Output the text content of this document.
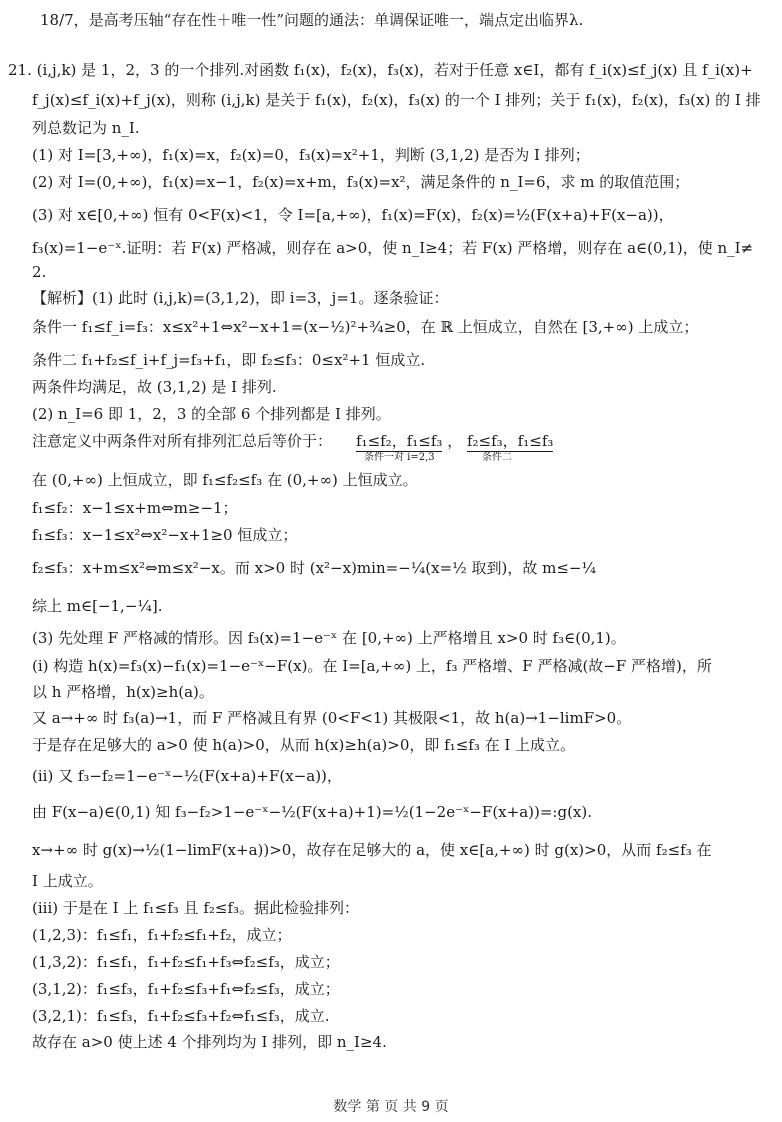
18/7，是高考压轴“存在性＋唯一性”问题的通法：单调保证唯一，端点定出临界λ.
21. (i,j,k) 是 1，2，3 的一个排列.对函数 f₁(x)，f₂(x)，f₃(x)，若对于任意 x∈I，都有 f_i(x)≤f_j(x) 且 f_i(x)+
f_j(x)≤f_i(x)+f_j(x)，则称 (i,j,k) 是关于 f₁(x)，f₂(x)，f₃(x) 的一个 I 排列；关于 f₁(x)，f₂(x)，f₃(x) 的 I 排
列总数记为 n_I.
(1) 对 I=[3,+∞)，f₁(x)=x，f₂(x)=0，f₃(x)=x²+1，判断 (3,1,2) 是否为 I 排列；
(2) 对 I=(0,+∞)，f₁(x)=x−1，f₂(x)=x+m，f₃(x)=x²，满足条件的 n_I=6，求 m 的取值范围；
(3) 对 x∈[0,+∞) 恒有 0<F(x)<1，令 I=[a,+∞)，f₁(x)=F(x)，f₂(x)=½(F(x+a)+F(x−a))，
f₃(x)=1−e⁻ˣ.证明：若 F(x) 严格减，则存在 a>0，使 n_I≥4；若 F(x) 严格增，则存在 a∈(0,1)，使 n_I≠
2.
【解析】(1) 此时 (i,j,k)=(3,1,2)，即 i=3，j=1。逐条验证：
条件一 f₁≤f_i=f₃：x≤x²+1⇔x²−x+1=(x−½)²+¾≥0，在 ℝ 上恒成立，自然在 [3,+∞) 上成立；
条件二 f₁+f₂≤f_i+f_j=f₃+f₁，即 f₂≤f₃：0≤x²+1 恒成立.
两条件均满足，故 (3,1,2) 是 I 排列.
(2) n_I=6 即 1，2，3 的全部 6 个排列都是 I 排列。
注意定义中两条件对所有排列汇总后等价于：
在 (0,+∞) 上恒成立，即 f₁≤f₂≤f₃ 在 (0,+∞) 上恒成立。
f₁≤f₂：x−1≤x+m⇔m≥−1；
f₁≤f₃：x−1≤x²⇔x²−x+1≥0 恒成立；
f₂≤f₃：x+m≤x²⇔m≤x²−x。而 x>0 时 (x²−x)min=−¼(x=½ 取到)，故 m≤−¼
综上 m∈[−1,−¼].
(3) 先处理 F 严格减的情形。因 f₃(x)=1−e⁻ˣ 在 [0,+∞) 上严格增且 x>0 时 f₃∈(0,1)。
(i) 构造 h(x)=f₃(x)−f₁(x)=1−e⁻ˣ−F(x)。在 I=[a,+∞) 上，f₃ 严格增、F 严格减(故−F 严格增)，所
以 h 严格增，h(x)≥h(a)。
又 a→+∞ 时 f₃(a)→1，而 F 严格减且有界 (0<F<1) 其极限<1，故 h(a)→1−limF>0。
于是存在足够大的 a>0 使 h(a)>0，从而 h(x)≥h(a)>0，即 f₁≤f₃ 在 I 上成立。
(ii) 又 f₃−f₂=1−e⁻ˣ−½(F(x+a)+F(x−a))，
由 F(x−a)∈(0,1) 知 f₃−f₂>1−e⁻ˣ−½(F(x+a)+1)=½(1−2e⁻ˣ−F(x+a))=:g(x).
x→+∞ 时 g(x)→½(1−limF(x+a))>0，故存在足够大的 a，使 x∈[a,+∞) 时 g(x)>0，从而 f₂≤f₃ 在
I 上成立。
(iii) 于是在 I 上 f₁≤f₃ 且 f₂≤f₃。据此检验排列：
(1,2,3)：f₁≤f₁，f₁+f₂≤f₁+f₂，成立；
(1,3,2)：f₁≤f₁，f₁+f₂≤f₁+f₃⇔f₂≤f₃，成立；
(3,1,2)：f₁≤f₃，f₁+f₂≤f₃+f₁⇔f₂≤f₃，成立；
(3,2,1)：f₁≤f₃，f₁+f₂≤f₃+f₂⇔f₁≤f₃，成立.
故存在 a>0 使上述 4 个排列均为 I 排列，即 n_I≥4.
f₁≤f₂，f₁≤f₃ ， f₂≤f₃，f₁≤f₃
条件一对 i=2,3	条件二
数学 第 页 共 9 页
